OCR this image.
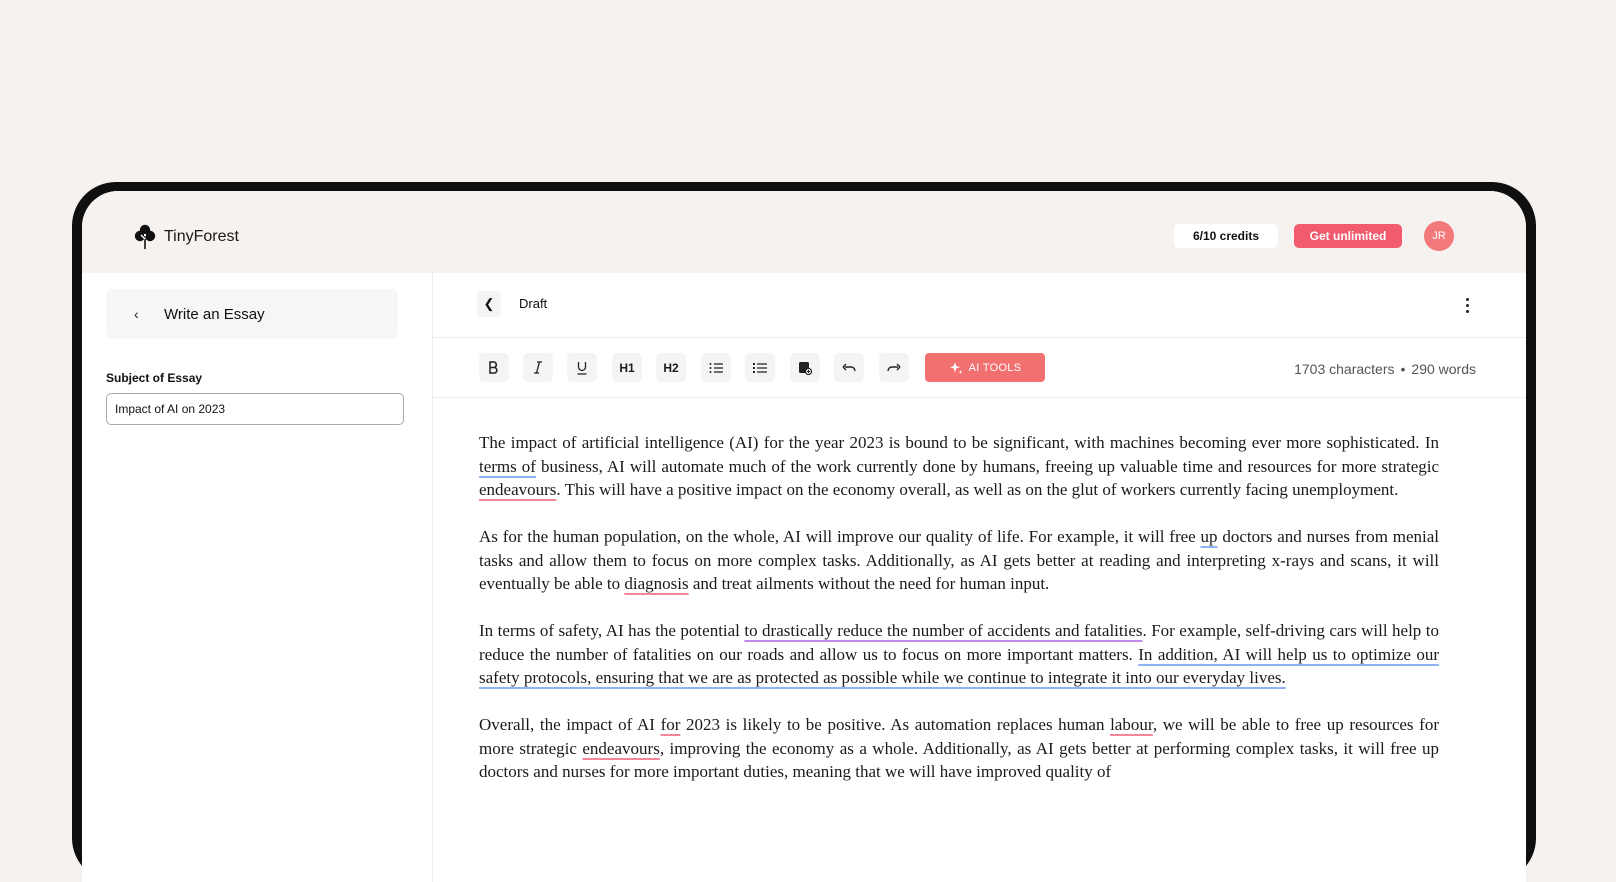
TinyForest	6/10 credits	Get unlimited	JR
‹	Write an Essay
Subject of Essay
Impact of AI on 2023
❮ Draft
H1	H2	AI TOOLS	1703 characters • 290 words

The impact of artificial intelligence (AI) for the year 2023 is bound to be significant, with machines becoming ever more sophisticated. In terms of business, AI will automate much of the work currently done by humans, freeing up valuable time and resources for more strategic endeavours. This will have a positive impact on the economy overall, as well as on the glut of workers currently facing unemployment.

As for the human population, on the whole, AI will improve our quality of life. For example, it will free up doctors and nurses from menial tasks and allow them to focus on more complex tasks. Additionally, as AI gets better at reading and interpreting x-rays and scans, it will eventually be able to diagnosis and treat ailments without the need for human input.

In terms of safety, AI has the potential to drastically reduce the number of accidents and fatalities. For example, self-driving cars will help to reduce the number of fatalities on our roads and allow us to focus on more important matters. In addition, AI will help us to optimize our safety protocols, ensuring that we are as protected as possible while we continue to integrate it into our everyday lives.

Overall, the impact of AI for 2023 is likely to be positive. As automation replaces human labour, we will be able to free up resources for more strategic endeavours, improving the economy as a whole. Additionally, as AI gets better at performing complex tasks, it will free up doctors and nurses for more important duties, meaning that we will have improved quality of
